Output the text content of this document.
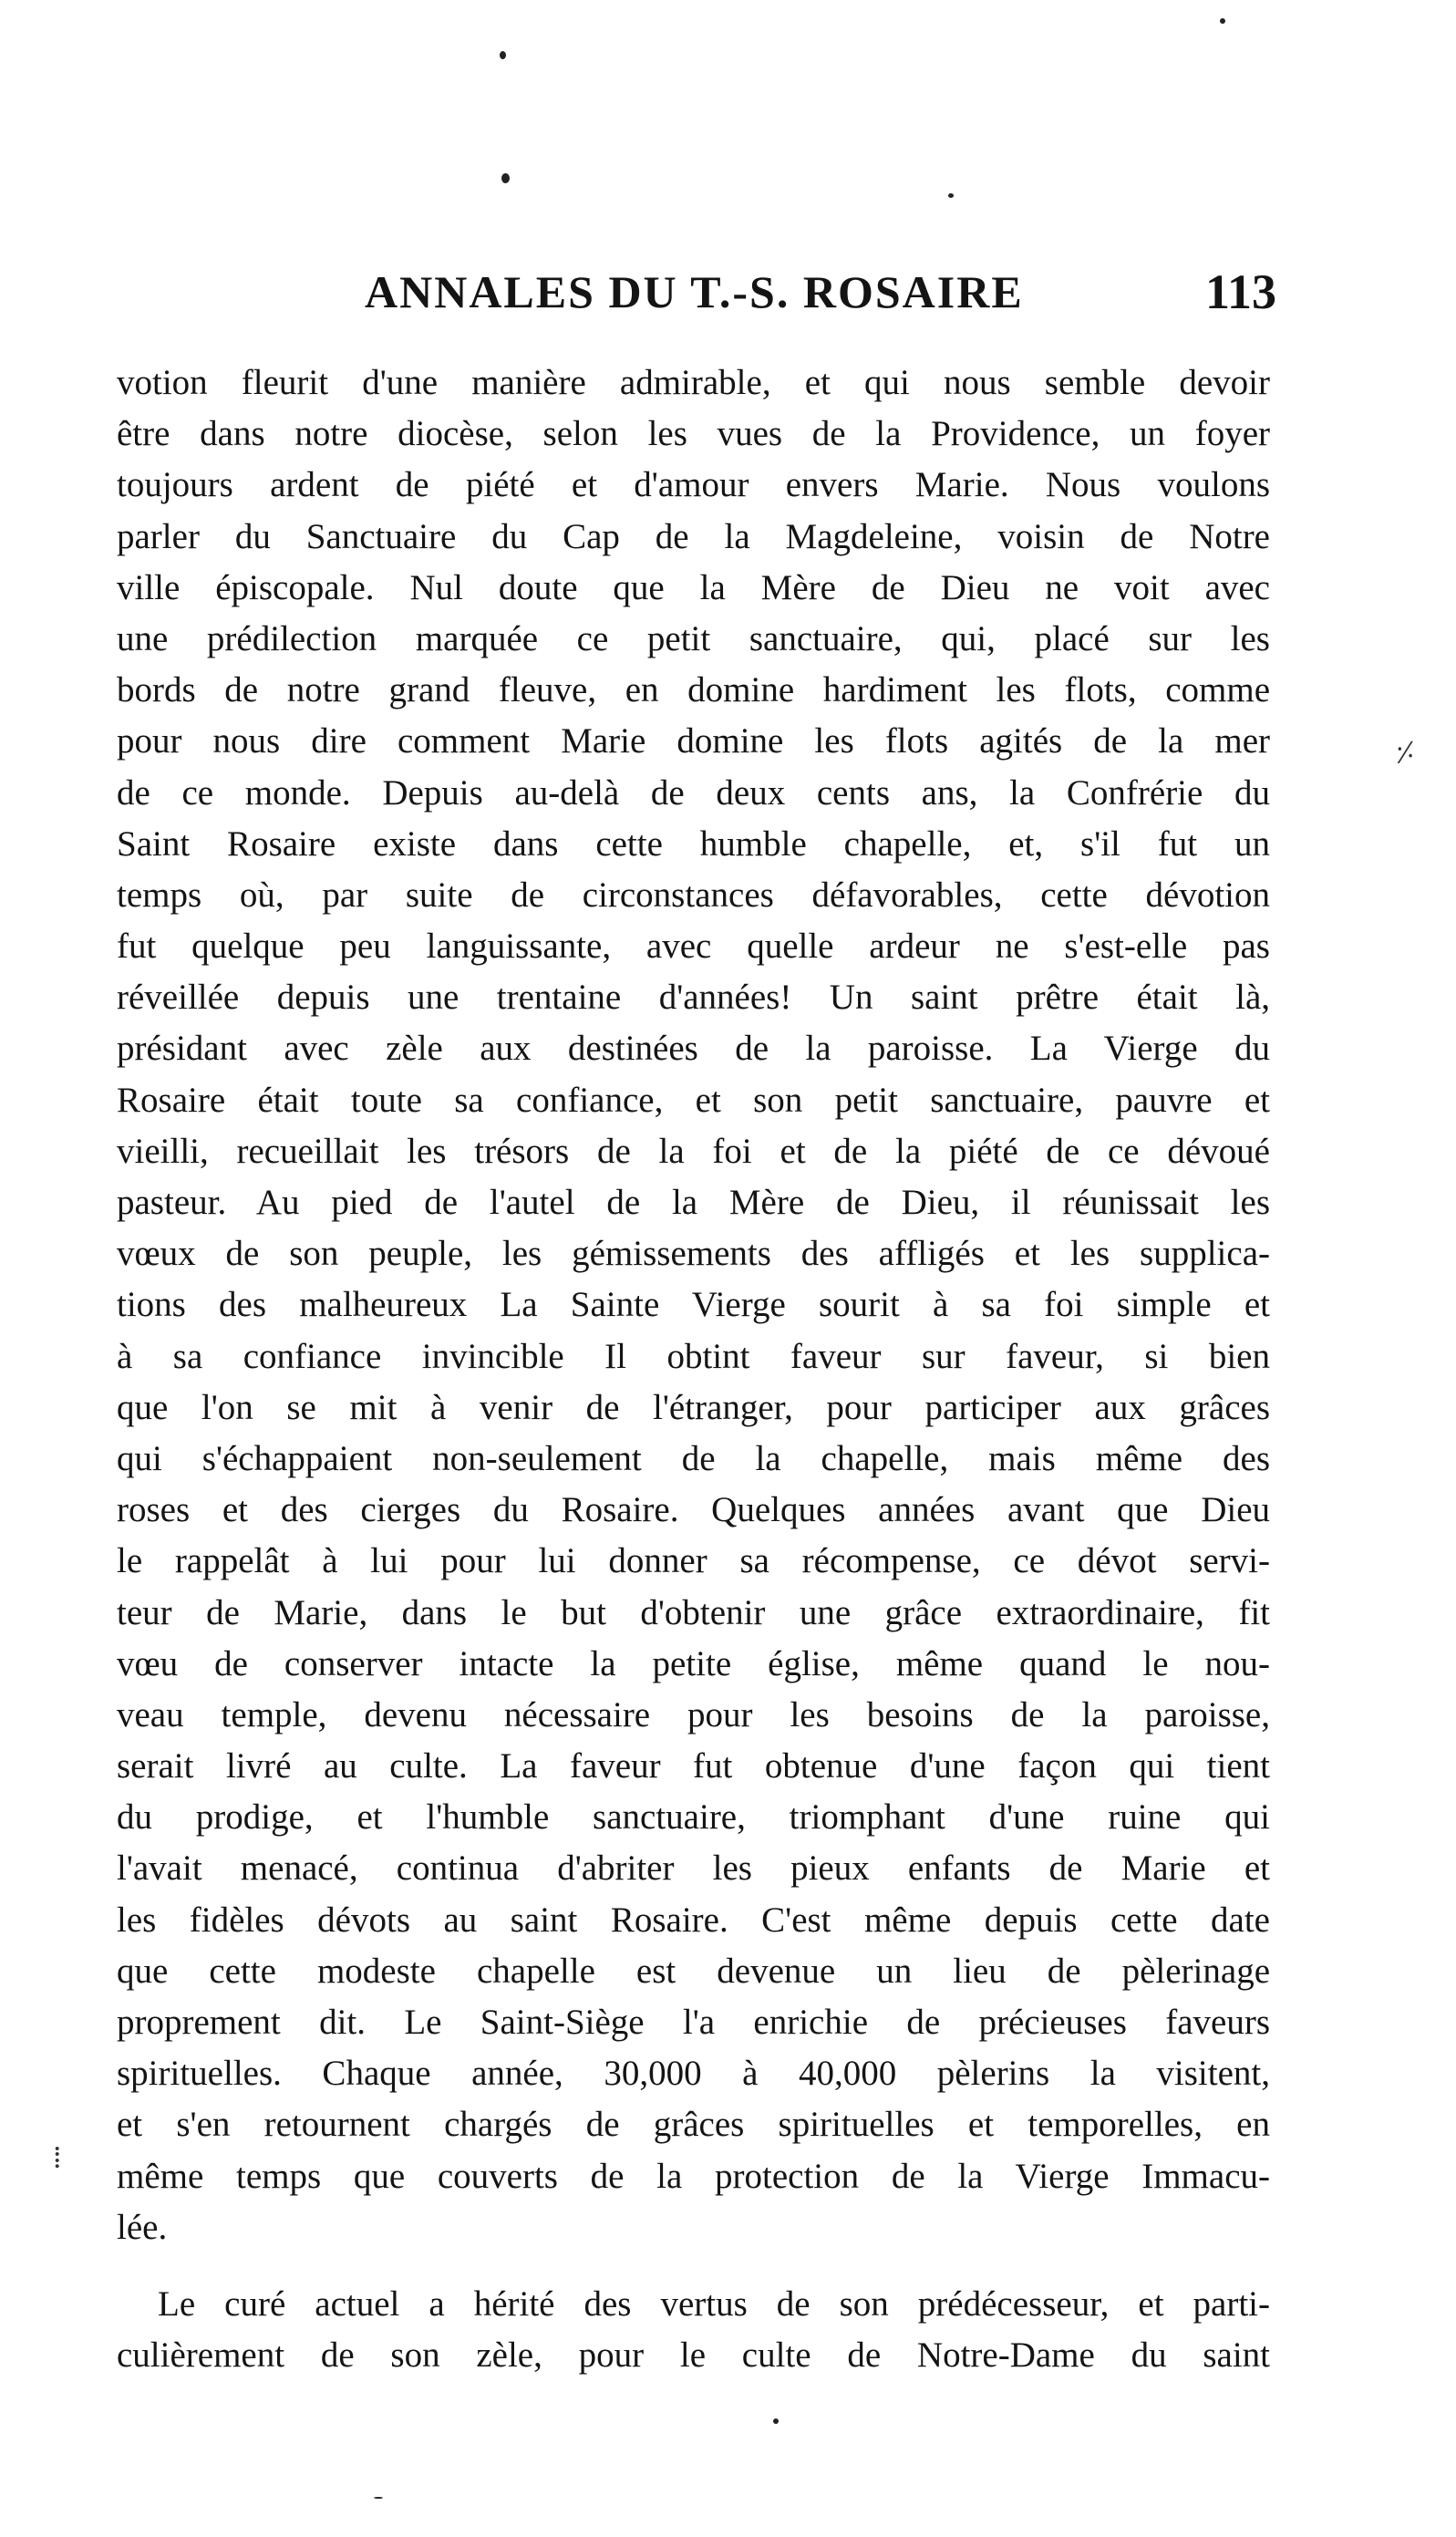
ANNALES DU T.-S. ROSAIRE	113
votion fleurit d'une manière admirable, et qui nous semble devoir
être dans notre diocèse, selon les vues de la Providence, un foyer
toujours ardent de piété et d'amour envers Marie. Nous voulons
parler du Sanctuaire du Cap de la Magdeleine, voisin de Notre
ville épiscopale. Nul doute que la Mère de Dieu ne voit avec
une prédilection marquée ce petit sanctuaire, qui, placé sur les
bords de notre grand fleuve, en domine hardiment les flots, comme
pour nous dire comment Marie domine les flots agités de la mer
de ce monde. Depuis au-delà de deux cents ans, la Confrérie du
Saint Rosaire existe dans cette humble chapelle, et, s'il fut un
temps où, par suite de circonstances défavorables, cette dévotion
fut quelque peu languissante, avec quelle ardeur ne s'est-elle pas
réveillée depuis une trentaine d'années! Un saint prêtre était là,
présidant avec zèle aux destinées de la paroisse. La Vierge du
Rosaire était toute sa confiance, et son petit sanctuaire, pauvre et
vieilli, recueillait les trésors de la foi et de la piété de ce dévoué
pasteur. Au pied de l'autel de la Mère de Dieu, il réunissait les
vœux de son peuple, les gémissements des affligés et les supplica-
tions des malheureux La Sainte Vierge sourit à sa foi simple et
à sa confiance invincible Il obtint faveur sur faveur, si bien
que l'on se mit à venir de l'étranger, pour participer aux grâces
qui s'échappaient non-seulement de la chapelle, mais même des
roses et des cierges du Rosaire. Quelques années avant que Dieu
le rappelât à lui pour lui donner sa récompense, ce dévot servi-
teur de Marie, dans le but d'obtenir une grâce extraordinaire, fit
vœu de conserver intacte la petite église, même quand le nou-
veau temple, devenu nécessaire pour les besoins de la paroisse,
serait livré au culte. La faveur fut obtenue d'une façon qui tient
du prodige, et l'humble sanctuaire, triomphant d'une ruine qui
l'avait menacé, continua d'abriter les pieux enfants de Marie et
les fidèles dévots au saint Rosaire. C'est même depuis cette date
que cette modeste chapelle est devenue un lieu de pèlerinage
proprement dit. Le Saint-Siège l'a enrichie de précieuses faveurs
spirituelles. Chaque année, 30,000 à 40,000 pèlerins la visitent,
et s'en retournent chargés de grâces spirituelles et temporelles, en
même temps que couverts de la protection de la Vierge Immacu-
lée.
Le curé actuel a hérité des vertus de son prédécesseur, et parti-
culièrement de son zèle, pour le culte de Notre-Dame du saint
⸓
⁞
